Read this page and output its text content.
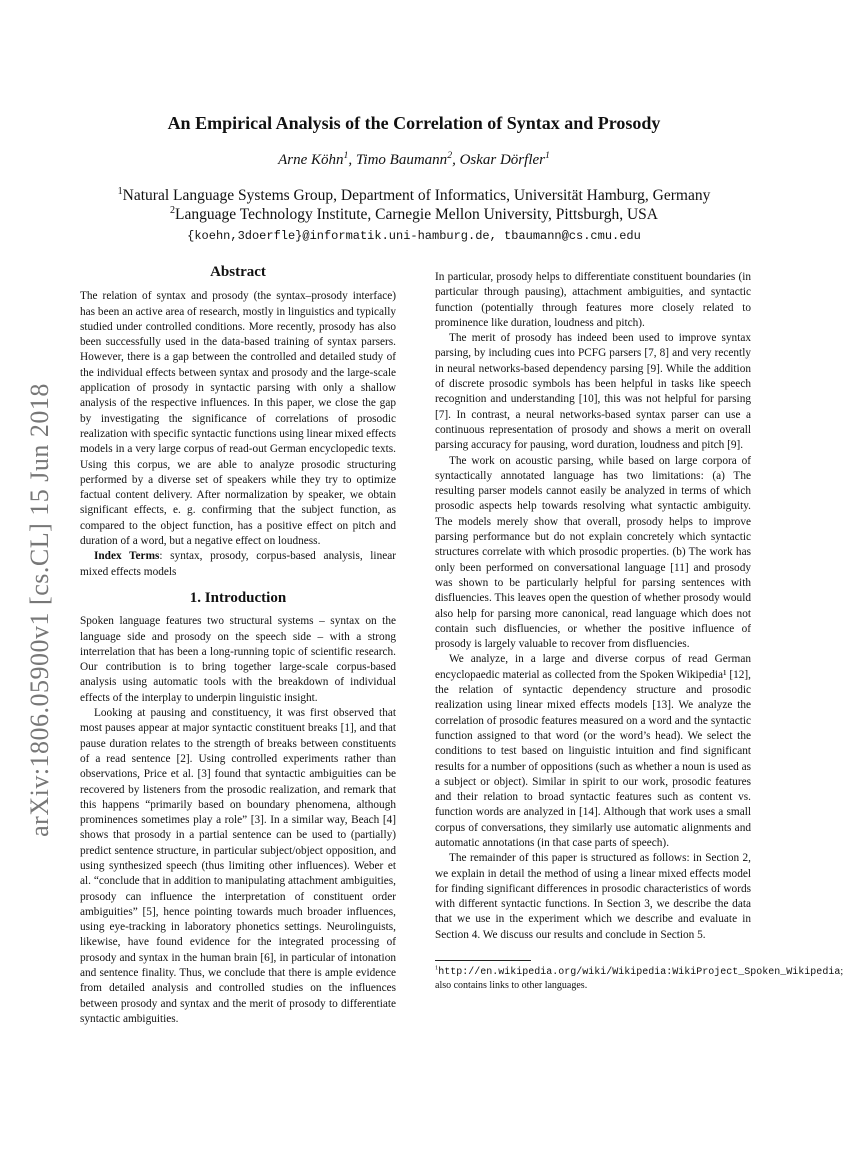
arXiv:1806.05900v1 [cs.CL] 15 Jun 2018
An Empirical Analysis of the Correlation of Syntax and Prosody
Arne Köhn$^1$, Timo Baumann$^2$, Oskar Dörfler$^1$
$^1$Natural Language Systems Group, Department of Informatics, Universität Hamburg, Germany
$^2$Language Technology Institute, Carnegie Mellon University, Pittsburgh, USA
{koehn,3doerfle}@informatik.uni-hamburg.de, tbaumann@cs.cmu.edu
Abstract

The relation of syntax and prosody (the syntax–prosody interface) has been an active area of research, mostly in linguistics and typically studied under controlled conditions. More recently, prosody has also been successfully used in the data-based training of syntax parsers. However, there is a gap between the controlled and detailed study of the individual effects between syntax and prosody and the large-scale application of prosody in syntactic parsing with only a shallow analysis of the respective influences. In this paper, we close the gap by investigating the significance of correlations of prosodic realization with specific syntactic functions using linear mixed effects models in a very large corpus of read-out German encyclopedic texts. Using this corpus, we are able to analyze prosodic structuring performed by a diverse set of speakers while they try to optimize factual content delivery. After normalization by speaker, we obtain significant effects, e. g. confirming that the subject function, as compared to the object function, has a positive effect on pitch and duration of a word, but a negative effect on loudness.

Index Terms: syntax, prosody, corpus-based analysis, linear mixed effects models

1. Introduction

Spoken language features two structural systems – syntax on the language side and prosody on the speech side – with a strong interrelation that has been a long-running topic of scientific research. Our contribution is to bring together large-scale corpus-based analysis using automatic tools with the breakdown of individual effects of the interplay to underpin linguistic insight.

Looking at pausing and constituency, it was first observed that most pauses appear at major syntactic constituent breaks [1], and that pause duration relates to the strength of breaks between constituents of a read sentence [2]. Using controlled experiments rather than observations, Price et al. [3] found that syntactic ambiguities can be recovered by listeners from the prosodic realization, and remark that this happens “primarily based on boundary phenomena, although prominences sometimes play a role” [3]. In a similar way, Beach [4] shows that prosody in a partial sentence can be used to (partially) predict sentence structure, in particular subject/object opposition, and using synthesized speech (thus limiting other influences). Weber et al. “conclude that in addition to manipulating attachment ambiguities, prosody can influence the interpretation of constituent order ambiguities” [5], hence pointing towards much broader influences, using eye-tracking in laboratory phonetics settings. Neurolinguists, likewise, have found evidence for the integrated processing of prosody and syntax in the human brain [6], in particular of intonation and sentence finality. Thus, we conclude that there is ample evidence from detailed analysis and controlled studies on the influences between prosody and syntax and the merit of prosody to differentiate syntactic ambiguities.

In particular, prosody helps to differentiate constituent boundaries (in particular through pausing), attachment ambiguities, and syntactic function (potentially through features more closely related to prominence like duration, loudness and pitch).

The merit of prosody has indeed been used to improve syntax parsing, by including cues into PCFG parsers [7, 8] and very recently in neural networks-based dependency parsing [9]. While the addition of discrete prosodic symbols has been helpful in tasks like speech recognition and understanding [10], this was not helpful for parsing [7]. In contrast, a neural networks-based syntax parser can use a continuous representation of prosody and shows a merit on overall parsing accuracy for pausing, word duration, loudness and pitch [9].

The work on acoustic parsing, while based on large corpora of syntactically annotated language has two limitations: (a) The resulting parser models cannot easily be analyzed in terms of which prosodic aspects help towards resolving what syntactic ambiguity. The models merely show that overall, prosody helps to improve parsing performance but do not explain concretely which syntactic structures correlate with which prosodic properties. (b) The work has only been performed on conversational language [11] and prosody was shown to be particularly helpful for parsing sentences with disfluencies. This leaves open the question of whether prosody would also help for parsing more canonical, read language which does not contain such disfluencies, or whether the positive influence of prosody is largely valuable to recover from disfluencies.

We analyze, in a large and diverse corpus of read German encyclopaedic material as collected from the Spoken Wikipedia¹ [12], the relation of syntactic dependency structure and prosodic realization using linear mixed effects models [13]. We analyze the correlation of prosodic features measured on a word and the syntactic function assigned to that word (or the word’s head). We select the conditions to test based on linguistic intuition and find significant results for a number of oppositions (such as whether a noun is used as a subject or object). Similar in spirit to our work, prosodic features and their relation to broad syntactic features such as content vs. function words are analyzed in [14]. Although that work uses a small corpus of conversations, they similarly use automatic alignments and automatic annotations (in that case parts of speech).

The remainder of this paper is structured as follows: in Section 2, we explain in detail the method of using a linear mixed effects model for finding significant differences in prosodic characteristics of words with different syntactic functions. In Section 3, we describe the data that we use in the experiment which we describe and evaluate in Section 4. We discuss our results and conclude in Section 5.

$^1$http://en.wikipedia.org/wiki/Wikipedia:WikiProject_Spoken_Wikipedia; also contains links to other languages.
